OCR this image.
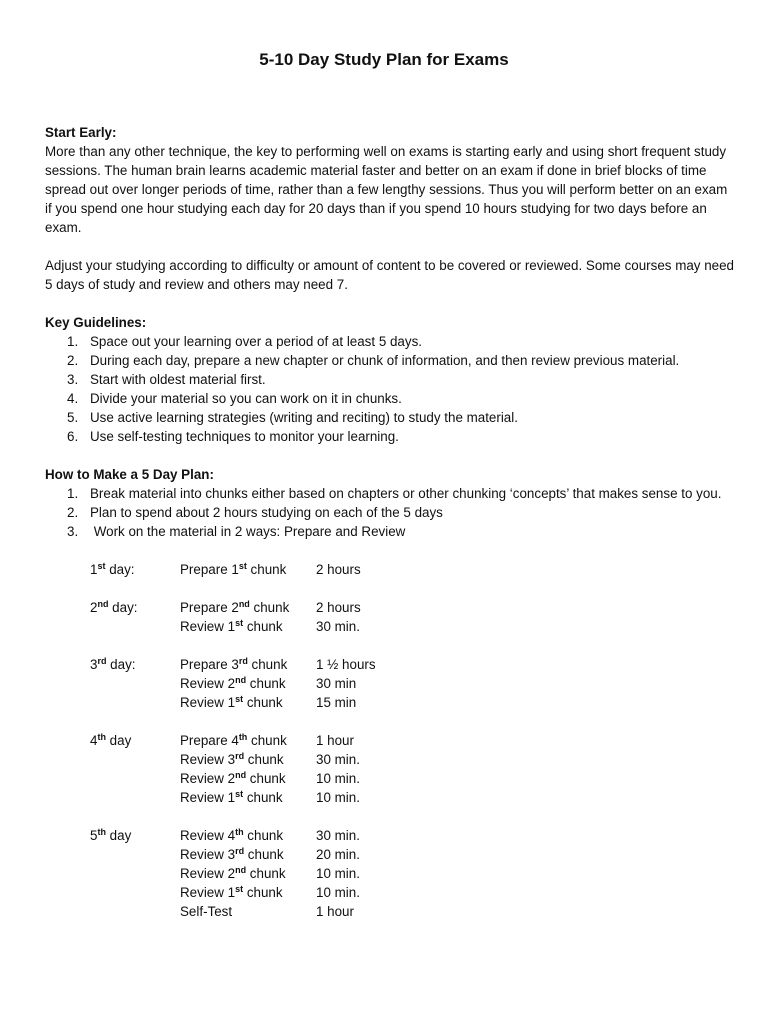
5-10 Day Study Plan for Exams
Start Early:
More than any other technique, the key to performing well on exams is starting early and using short frequent study sessions. The human brain learns academic material faster and better on an exam if done in brief blocks of time spread out over longer periods of time, rather than a few lengthy sessions. Thus you will perform better on an exam if you spend one hour studying each day for 20 days than if you spend 10 hours studying for two days before an exam.
Adjust your studying according to difficulty or amount of content to be covered or reviewed. Some courses may need 5 days of study and review and others may need 7.
Key Guidelines:
1. Space out your learning over a period of at least 5 days.
2. During each day, prepare a new chapter or chunk of information, and then review previous material.
3. Start with oldest material first.
4. Divide your material so you can work on it in chunks.
5. Use active learning strategies (writing and reciting) to study the material.
6. Use self-testing techniques to monitor your learning.
How to Make a 5 Day Plan:
1. Break material into chunks either based on chapters or other chunking ‘concepts’ that makes sense to you.
2. Plan to spend about 2 hours studying on each of the 5 days
3. Work on the material in 2 ways: Prepare and Review
1st day:	Prepare 1st chunk 2 hours
2nd day:	Prepare 2nd chunk 2 hours
Review 1st chunk 30 min.
3rd day:	Prepare 3rd chunk 1 ½ hours
Review 2nd chunk 30 min
Review 1st chunk 15 min
4th day	Prepare 4th chunk 1 hour
Review 3rd chunk 30 min.
Review 2nd chunk 10 min.
Review 1st chunk 10 min.
5th day	Review 4th chunk 30 min.
Review 3rd chunk 20 min.
Review 2nd chunk 10 min.
Review 1st chunk 10 min.
Self-Test	1 hour
